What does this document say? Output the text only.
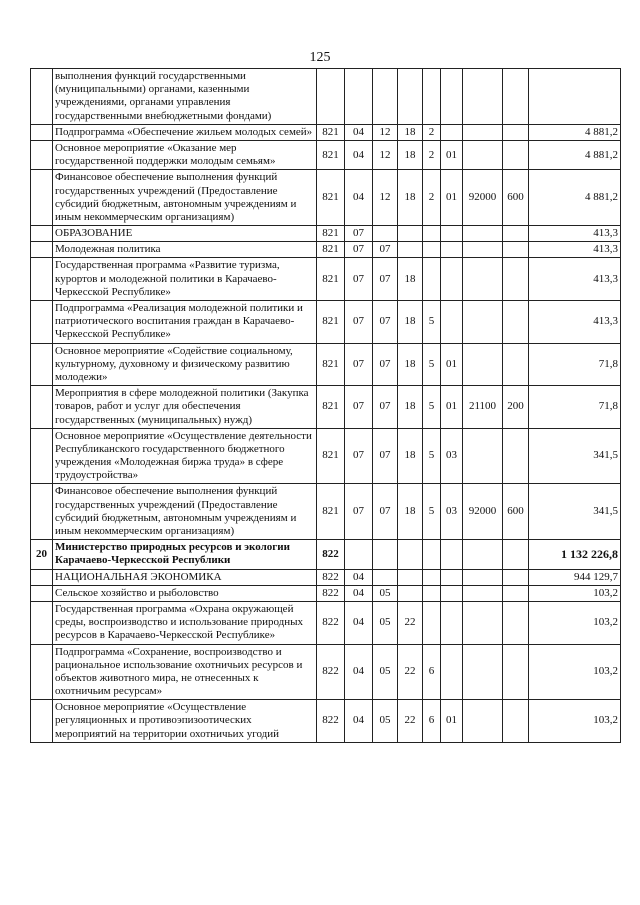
125
	выполнения функций государственными (муниципальными) органами, казенными учреждениями, органами управления государственными внебюджетными фондами)									
	Подпрограмма «Обеспечение жильем молодых семей»	821	04	12	18	2				4 881,2
	Основное мероприятие «Оказание мер государственной поддержки молодым семьям»	821	04	12	18	2	01			4 881,2
	Финансовое обеспечение выполнения функций государственных учреждений (Предоставление субсидий бюджетным, автономным учреждениям и иным некоммерческим организациям)	821	04	12	18	2	01	92000	600	4 881,2
	ОБРАЗОВАНИЕ	821	07							413,3
	Молодежная политика	821	07	07						413,3
	Государственная программа «Развитие туризма, курортов и молодежной политики в Карачаево-Черкесской Республике»	821	07	07	18					413,3
	Подпрограмма «Реализация молодежной политики и патриотического воспитания граждан в Карачаево-Черкесской Республике»	821	07	07	18	5				413,3
	Основное мероприятие «Содействие социальному, культурному, духовному и физическому развитию молодежи»	821	07	07	18	5	01			71,8
	Мероприятия в сфере молодежной политики (Закупка товаров, работ и услуг для обеспечения государственных (муниципальных) нужд)	821	07	07	18	5	01	21100	200	71,8
	Основное мероприятие «Осуществление деятельности Республиканского государственного бюджетного учреждения «Молодежная биржа труда» в сфере трудоустройства»	821	07	07	18	5	03			341,5
	Финансовое обеспечение выполнения функций государственных учреждений (Предоставление субсидий бюджетным, автономным учреждениям и иным некоммерческим организациям)	821	07	07	18	5	03	92000	600	341,5
20	Министерство природных ресурсов и экологии Карачаево-Черкесской Республики	822								1 132 226,8
	НАЦИОНАЛЬНАЯ ЭКОНОМИКА	822	04							944 129,7
	Сельское хозяйство и рыболовство	822	04	05						103,2
	Государственная программа «Охрана окружающей среды, воспроизводство и использование природных ресурсов в Карачаево-Черкесской Республике»	822	04	05	22					103,2
	Подпрограмма «Сохранение, воспроизводство и рациональное использование охотничьих ресурсов и объектов животного мира, не отнесенных к охотничьим ресурсам»	822	04	05	22	6				103,2
	Основное мероприятие «Осуществление регуляционных и противоэпизоотических мероприятий на территории охотничьих угодий	822	04	05	22	6	01			103,2
